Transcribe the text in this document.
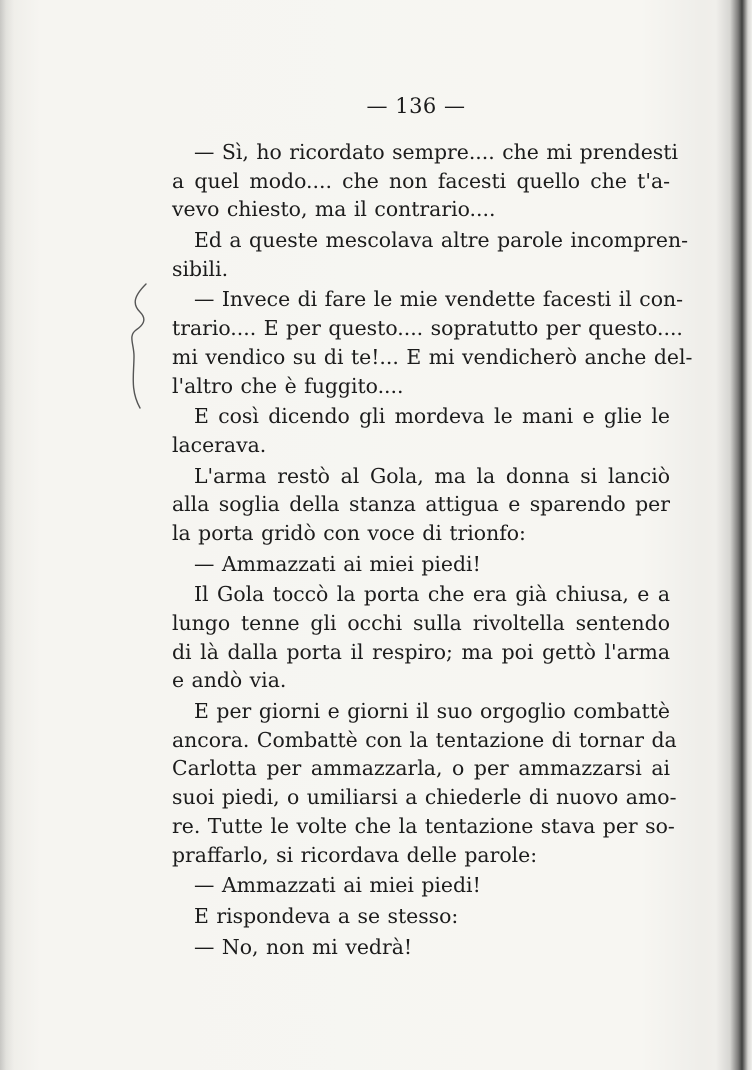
— 136 —
— Sì, ho ricordato sempre.... che mi prendesti
a quel modo.... che non facesti quello che t'a-
vevo chiesto, ma il contrario....
Ed a queste mescolava altre parole incompren-
sibili.
— Invece di fare le mie vendette facesti il con-
trario.... E per questo.... sopratutto per questo....
mi vendico su di te!... E mi vendicherò anche del-
l'altro che è fuggito....
E così dicendo gli mordeva le mani e glie le
lacerava.
L'arma restò al Gola, ma la donna si lanciò
alla soglia della stanza attigua e sparendo per
la porta gridò con voce di trionfo:
— Ammazzati ai miei piedi!
Il Gola toccò la porta che era già chiusa, e a
lungo tenne gli occhi sulla rivoltella sentendo
di là dalla porta il respiro; ma poi gettò l'arma
e andò via.
E per giorni e giorni il suo orgoglio combattè
ancora. Combattè con la tentazione di tornar da
Carlotta per ammazzarla, o per ammazzarsi ai
suoi piedi, o umiliarsi a chiederle di nuovo amo-
re. Tutte le volte che la tentazione stava per so-
praffarlo, si ricordava delle parole:
— Ammazzati ai miei piedi!
E rispondeva a se stesso:
— No, non mi vedrà!
